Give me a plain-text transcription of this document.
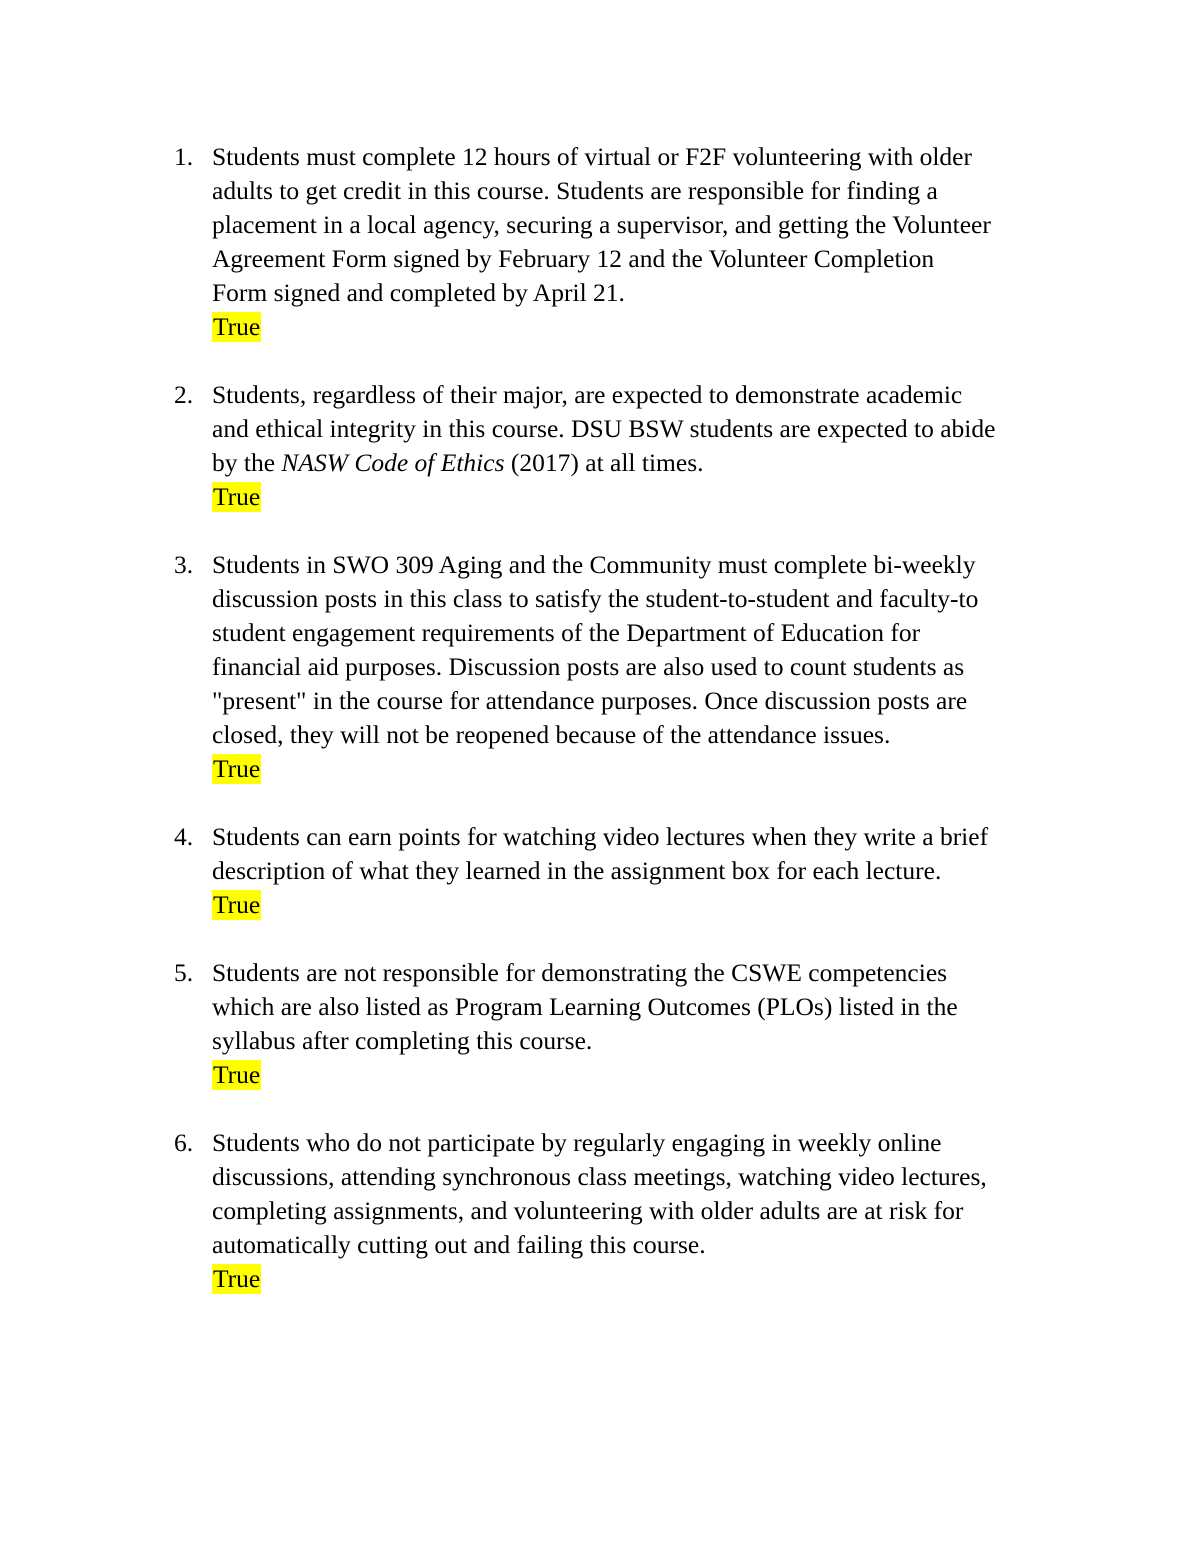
1. Students must complete 12 hours of virtual or F2F volunteering with older
adults to get credit in this course. Students are responsible for finding a
placement in a local agency, securing a supervisor, and getting the Volunteer
Agreement Form signed by February 12 and the Volunteer Completion
Form signed and completed by April 21.
True
2. Students, regardless of their major, are expected to demonstrate academic
and ethical integrity in this course. DSU BSW students are expected to abide
by the NASW Code of Ethics (2017) at all times.
True
3. Students in SWO 309 Aging and the Community must complete bi-weekly
discussion posts in this class to satisfy the student-to-student and faculty-to
student engagement requirements of the Department of Education for
financial aid purposes. Discussion posts are also used to count students as
"present" in the course for attendance purposes. Once discussion posts are
closed, they will not be reopened because of the attendance issues.
True
4. Students can earn points for watching video lectures when they write a brief
description of what they learned in the assignment box for each lecture.
True
5. Students are not responsible for demonstrating the CSWE competencies
which are also listed as Program Learning Outcomes (PLOs) listed in the
syllabus after completing this course.
True
6. Students who do not participate by regularly engaging in weekly online
discussions, attending synchronous class meetings, watching video lectures,
completing assignments, and volunteering with older adults are at risk for
automatically cutting out and failing this course.
True
